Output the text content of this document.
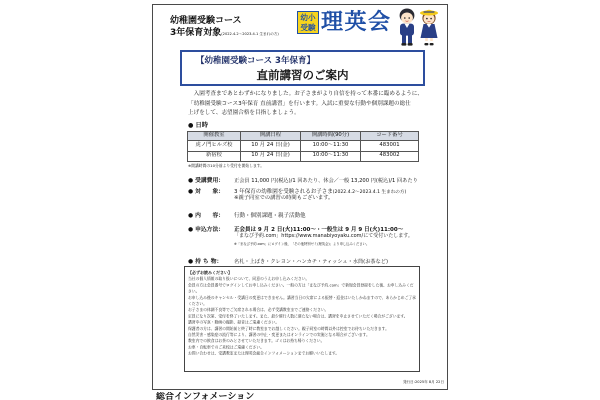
幼稚園受験コース
3年保育対象(2022.4.2～2023.4.1 生まれの方)
幼小
受験 理英会
【幼稚園受験コース 3年保育】
直前講習のご案内
　入園考査まであとわずかになりました。お子さまがより自信を持って本番に臨めるように、
「幼稚園受験コース3年保育 直前講習」を行います。入試に重要な行動や個別課題の総仕
上げをして、志望園合格を目指しましょう。
● 日時
開催教室	開講日程	開講時間(90分)	コード番号
虎ノ門ヒルズ校	10 月 24 日(金)	10:00～11:30	483001
新宿校	10 月 24 日(金)	10:00～11:30	483002
※開講時間の10分前より受付を開始します。
● 受講費用： 正会員 11,000 円(税込)/1 回あたり、休会／一般 13,200 円(税込)/1 回あたり
● 対　　象： 3 年保育の幼稚園を受験されるお子さま(2022.4.2～2023.4.1 生まれの方)
※親子同室での講習の時間もございます。
● 内　　容： 行動・個別課題・親子活動他
● 申込方法： 正会員は 9 月 2 日(火)11:00～・一般生は 9 月 9 日(火)11:00～
「まなび予約.com」https://www.manabiyoyaku.com/にて受付いたします。
※「まなび予約.com」にログイン後、「その他特別ゼミ(理英会)」より申し込みください。
● 持 ち 物： 名札・上ばき・クレヨン・ハンカチ・ティッシュ・水筒(お茶など)
【必ずお読みください】
当社の個人情報の取り扱いについて、同意のうえお申し込みください。
会員の方は会員番号でログインしてお申し込みください。一般の方は「まなび予約.com」で新規会員登録をした後、お申し込みください。
お申し込み後のキャンセル・受講日の変更はできません。講習当日の欠席による振替・返金はいたしかねますので、あらかじめご了承ください。
お子さまの体調不良等でご欠席される場合は、必ず受講教室までご連絡ください。
定員になり次第、受付を終了いたします。また、最少催行人数に満たない場合は、講習を中止させていただく場合がございます。
講習中の写真・動画の撮影、録音はご遠慮ください。
保護者の方は、講習の開始前と終了時に教室までお越しください。親子同室の時間以外は控室でお待ちいただきます。
自然災害・感染症の流行等により、講習の中止・変更またはオンラインでの実施となる場合がございます。
教室内での飲食はお茶のみとさせていただきます。ゴミはお持ち帰りください。
お車・自転車でのご来校はご遠慮ください。
お問い合わせは、受講教室または理英会総合インフォメーションまでお願いいたします。
発行日:2025年 8月 22日
総合インフォメーション
